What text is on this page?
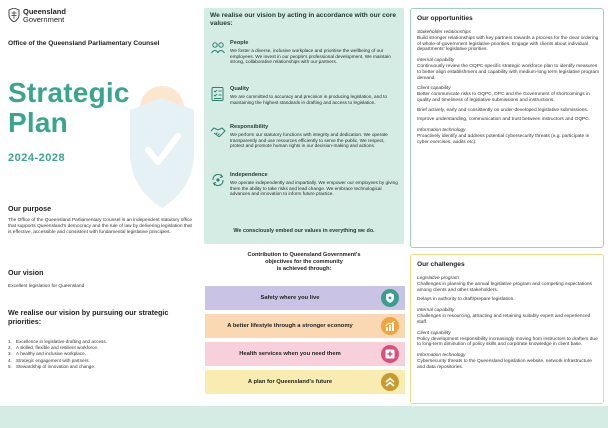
Queensland
Government
Office of the Queensland Parliamentary Counsel
Strategic
Plan
2024-2028
Our purpose
The Office of the Queensland Parliamentary Counsel is an independent statutory office that supports Queensland's democracy and the rule of law by delivering legislation that is effective, accessible and consistent with fundamental legislative principles.
Our vision
Excellent legislation for Queensland
We realise our vision by pursuing our strategic priorities:
1. Excellence in legislative drafting and access.
2. A skilled, flexible and resilient workforce.
3. A healthy and inclusive workplace.
4. Strategic engagement with partners.
5. Stewardship of innovation and change.
We realise our vision by acting in accordance with our core values:
People
We foster a diverse, inclusive workplace and prioritise the wellbeing of our employees. We invest in our people's professional development. We maintain strong, collaborative relationships with our partners.
Quality
We are committed to accuracy and precision in producing legislation, and to maintaining the highest standards in drafting and access to legislation.
Responsibility
We perform our statutory functions with integrity and dedication. We operate transparently and use resources efficiently to serve the public. We respect, protect and promote human rights in our decision-making and actions.
Independence
We operate independently and impartially. We empower our employees by giving them the ability to take risks and lead change. We embrace technological advances and innovation to inform future practice.
We consciously embed our values in everything we do.
Contribution to Queensland Government's
objectives for the community
is achieved through:
Safety where you live
A better lifestyle through a stronger economy
Health services when you need them
A plan for Queensland's future
Our opportunities
Stakeholder relationships
Build stronger relationships with key partners towards a process for the clear ordering of whole-of-government legislative priorities. Engage with clients about individual departments' legislative priorities.
Internal capability
Continuously review the OQPC-specific strategic workforce plan to identify measures to better align establishment and capability with medium-long term legislative program demand.
Client capability
Better communicate risks to OQPC, DPC and the Government of shortcomings in quality and timeliness of legislative submissions and instructions.
Brief actively, early and consistently on under-developed legislative submissions.
Improve understanding, communication and trust between instructors and OQPC.
Information technology
Proactively identify and address potential cybersecurity threats (e.g. participate in cyber exercises, audits etc).
Our challenges
Legislative program
Challenges in planning the annual legislative program and competing expectations among clients and other stakeholders.
Delays in authority to draft/prepare legislation.
Internal capability
Challenges in resourcing, attracting and retaining suitably expert and experienced staff.
Client capability
Policy development responsibility increasingly moving from instructors to drafters due to long-term diminution of policy skills and corporate knowledge in client base.
Information technology
Cybersecurity threats to the Queensland legislation website, network infrastructure and data repositories.
